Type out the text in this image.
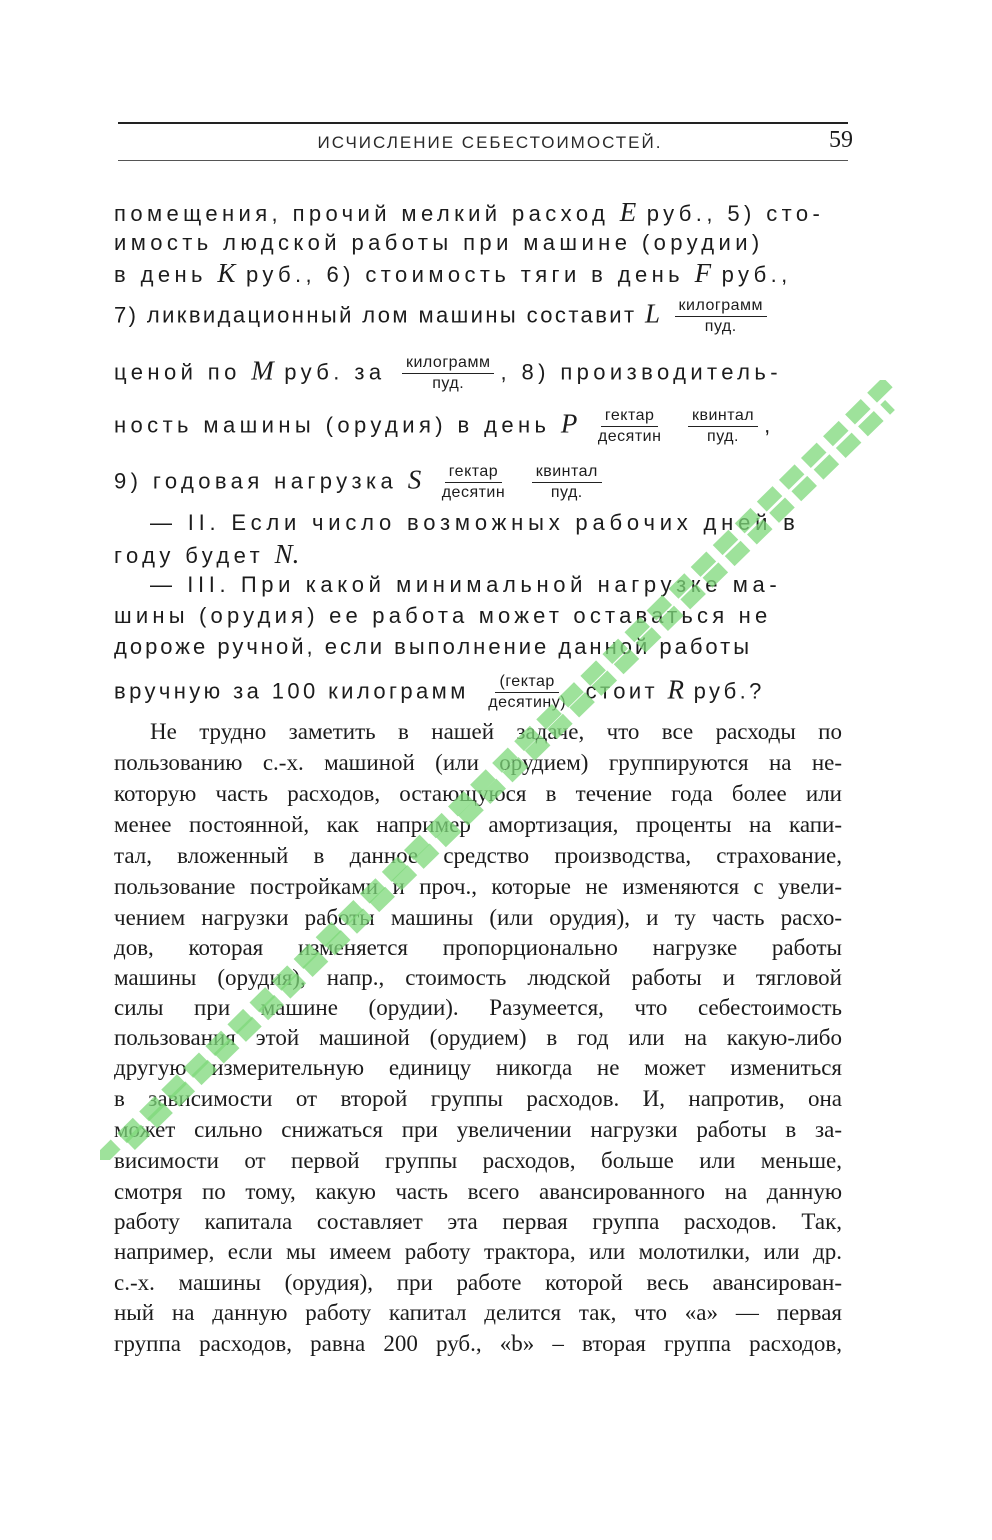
ИСЧИСЛЕНИЕ СЕБЕСТОИМОСТЕЙ.	59
помещения, прочий мелкий расход E руб., 5) сто-
имость людской работы при машине (орудии)
в день K руб., 6) стоимость тяги в день F руб.,
7) ликвидационный лом машины составит L $\frac{\text{килограмм}}{\text{пуд.}}$
ценой по M руб. за $\frac{\text{килограмм}}{\text{пуд.}}$ , 8) производитель-
ность машины (орудия) в день P $\frac{\text{гектар}}{\text{десятин}}$
$\frac{\text{квинтал}}{\text{пуд.}}$ ,
9) годовая нагрузка S $\frac{\text{гектар}}{\text{десятин}}$
$\frac{\text{квинтал}}{\text{пуд.}}$
— II. Если число возможных рабочих дней в
году будет N.
— III. При какой минимальной нагрузке ма-
шины (орудия) ее работа может оставаться не
дороже ручной, если выполнение данной работы
вручную за 100 килограмм $\frac{\text{(гектар}}{\text{десятину)}}$ стоит R руб.?
Не трудно заметить в нашей задаче, что все расходы по
пользованию с.-х. машиной (или орудием) группируются на не-
которую часть расходов, остающуюся в течение года более или
менее постоянной, как например амортизация, проценты на капи-
тал, вложенный в данное средство производства, страхование,
пользование постройками и проч., которые не изменяются с увели-
чением нагрузки работы машины (или орудия), и ту часть расхо-
дов, которая изменяется пропорционально нагрузке работы
машины (орудия), напр., стоимость людской работы и тягловой
силы при машине (орудии). Разумеется, что себестоимость
пользования этой машиной (орудием) в год или на какую-либо
другую измерительную единицу никогда не может измениться
в зависимости от второй группы расходов. И, напротив, она
может сильно снижаться при увеличении нагрузки работы в за-
висимости от первой группы расходов, больше или меньше,
смотря по тому, какую часть всего авансированного на данную
работу капитала составляет эта первая группа расходов. Так,
например, если мы имеем работу трактора, или молотилки, или др.
с.-х. машины (орудия), при работе которой весь авансирован-
ный на данную работу капитал делится так, что «a» — первая
группа расходов, равна 200 руб., «b» – вторая группа расходов,
